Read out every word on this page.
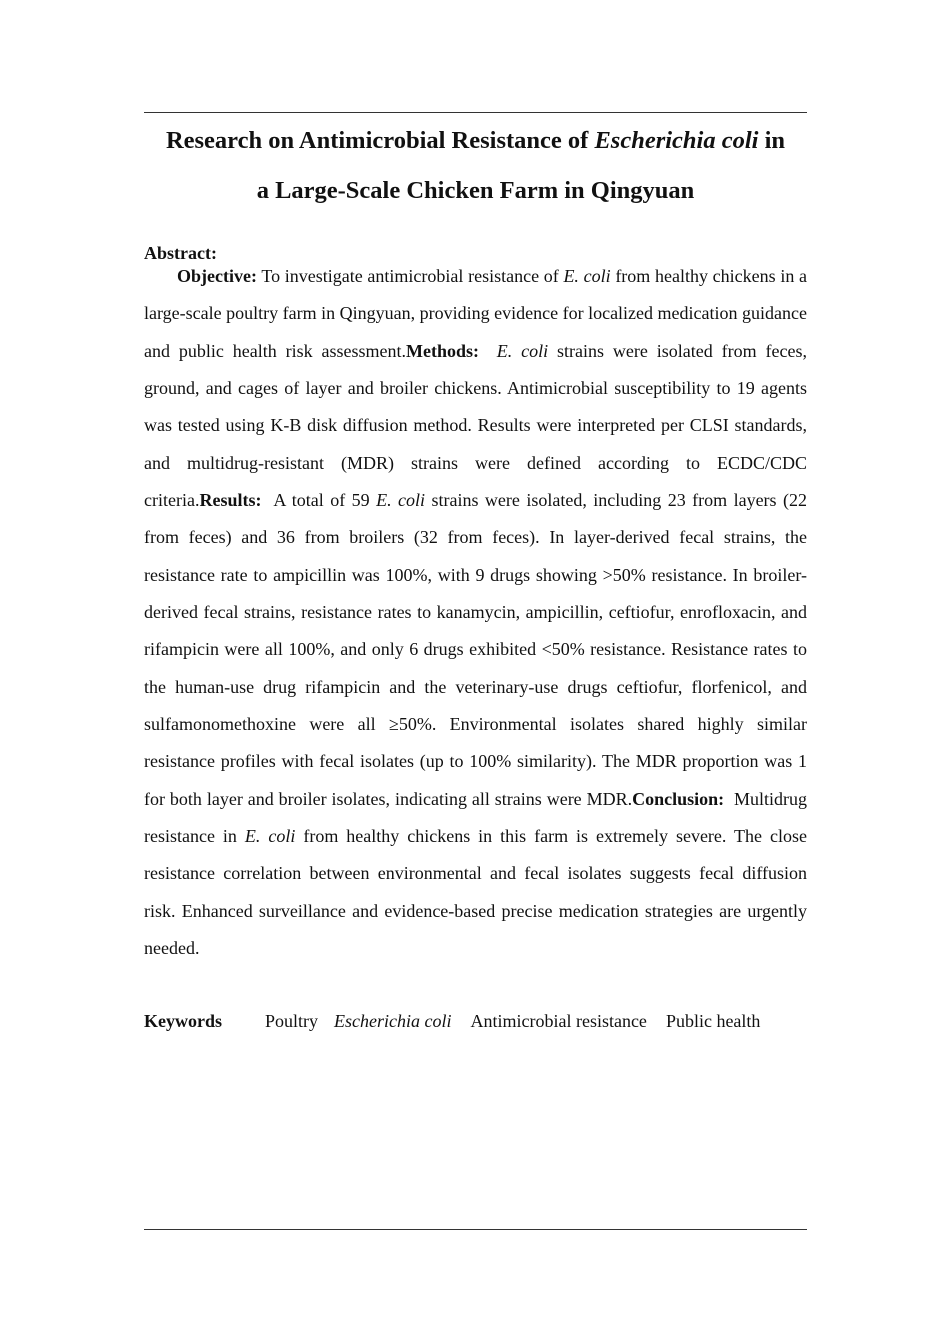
Research on Antimicrobial Resistance of Escherichia coli in
a Large-Scale Chicken Farm in Qingyuan

Abstract:

Objective: To investigate antimicrobial resistance of E. coli from healthy chickens in a large-scale poultry farm in Qingyuan, providing evidence for localized medication guidance and public health risk assessment.Methods: E. coli strains were isolated from feces, ground, and cages of layer and broiler chickens. Antimicrobial susceptibility to 19 agents was tested using K-B disk diffusion method. Results were interpreted per CLSI standards, and multidrug-resistant (MDR) strains were defined according to ECDC/CDC criteria.Results: A total of 59 E. coli strains were isolated, including 23 from layers (22 from feces) and 36 from broilers (32 from feces). In layer-derived fecal strains, the resistance rate to ampicillin was 100%, with 9 drugs showing >50% resistance. In broiler-derived fecal strains, resistance rates to kanamycin, ampicillin, ceftiofur, enrofloxacin, and rifampicin were all 100%, and only 6 drugs exhibited <50% resistance. Resistance rates to the human-use drug rifampicin and the veterinary-use drugs ceftiofur, florfenicol, and sulfamonomethoxine were all ≥50%. Environmental isolates shared highly similar resistance profiles with fecal isolates (up to 100% similarity). The MDR proportion was 1 for both layer and broiler isolates, indicating all strains were MDR.Conclusion: Multidrug resistance in E. coli from healthy chickens in this farm is extremely severe. The close resistance correlation between environmental and fecal isolates suggests fecal diffusion risk. Enhanced surveillance and evidence-based precise medication strategies are urgently needed.

Keywords Poultry Escherichia coli Antimicrobial resistance Public health
